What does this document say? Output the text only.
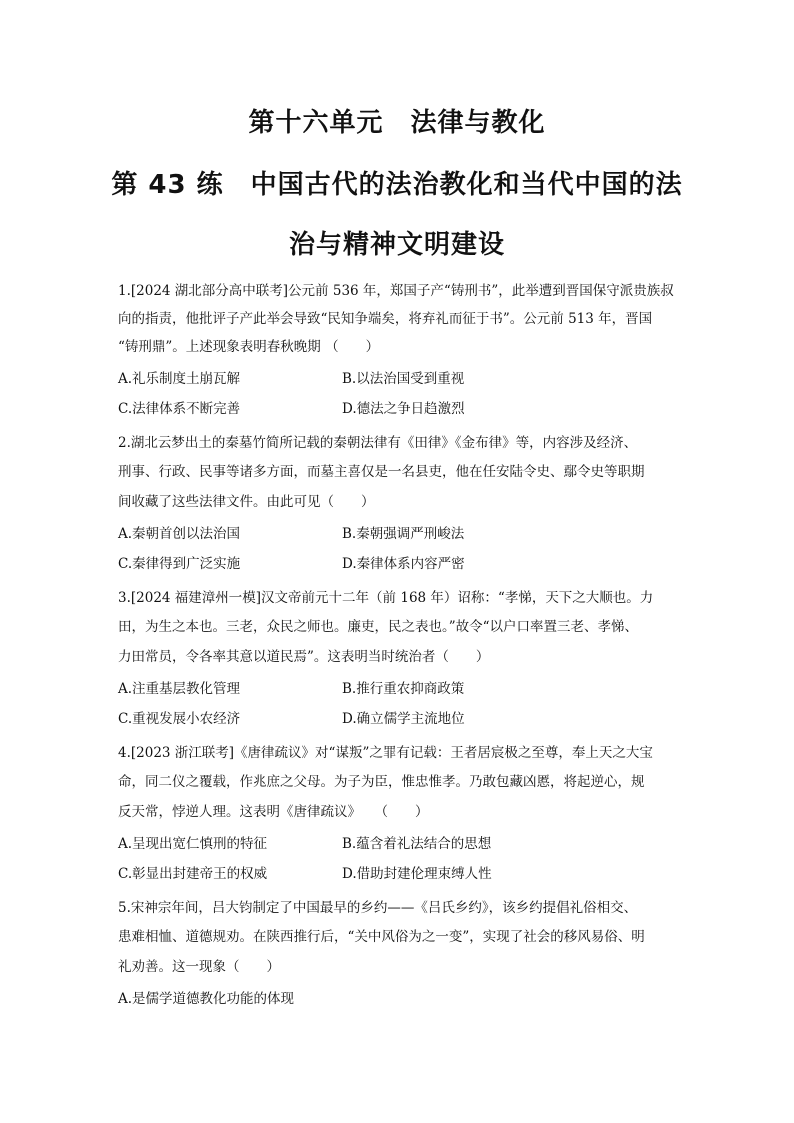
第十六单元　法律与教化
第 43 练　中国古代的法治教化和当代中国的法
治与精神文明建设
1.[2024 湖北部分高中联考]公元前 536 年，郑国子产“铸刑书”，此举遭到晋国保守派贵族叔
向的指责，他批评子产此举会导致“民知争端矣，将弃礼而征于书”。公元前 513 年，晋国
“铸刑鼎”。上述现象表明春秋晚期 （　　）
A.礼乐制度土崩瓦解	B.以法治国受到重视
C.法律体系不断完善	D.德法之争日趋激烈
2.湖北云梦出土的秦墓竹简所记载的秦朝法律有《田律》《金布律》等，内容涉及经济、
刑事、行政、民事等诸多方面，而墓主喜仅是一名县吏，他在任安陆令史、鄢令史等职期
间收藏了这些法律文件。由此可见（　　）
A.秦朝首创以法治国	B.秦朝强调严刑峻法
C.秦律得到广泛实施	D.秦律体系内容严密
3.[2024 福建漳州一模]汉文帝前元十二年（前 168 年）诏称：“孝悌，天下之大顺也。力
田，为生之本也。三老，众民之师也。廉吏，民之表也。”故令“以户口率置三老、孝悌、
力田常员，令各率其意以道民焉”。这表明当时统治者（　　）
A.注重基层教化管理	B.推行重农抑商政策
C.重视发展小农经济	D.确立儒学主流地位
4.[2023 浙江联考]《唐律疏议》对“谋叛”之罪有记载：王者居宸极之至尊，奉上天之大宝
命，同二仪之覆载，作兆庶之父母。为子为臣，惟忠惟孝。乃敢包藏凶慝，将起逆心，规
反天常，悖逆人理。这表明《唐律疏议》　　（　　）
A.呈现出宽仁慎刑的特征	B.蕴含着礼法结合的思想
C.彰显出封建帝王的权威	D.借助封建伦理束缚人性
5.宋神宗年间，吕大钧制定了中国最早的乡约——《吕氏乡约》，该乡约提倡礼俗相交、
患难相恤、道德规劝。在陕西推行后，“关中风俗为之一变”，实现了社会的移风易俗、明
礼劝善。这一现象（　　）
A.是儒学道德教化功能的体现
